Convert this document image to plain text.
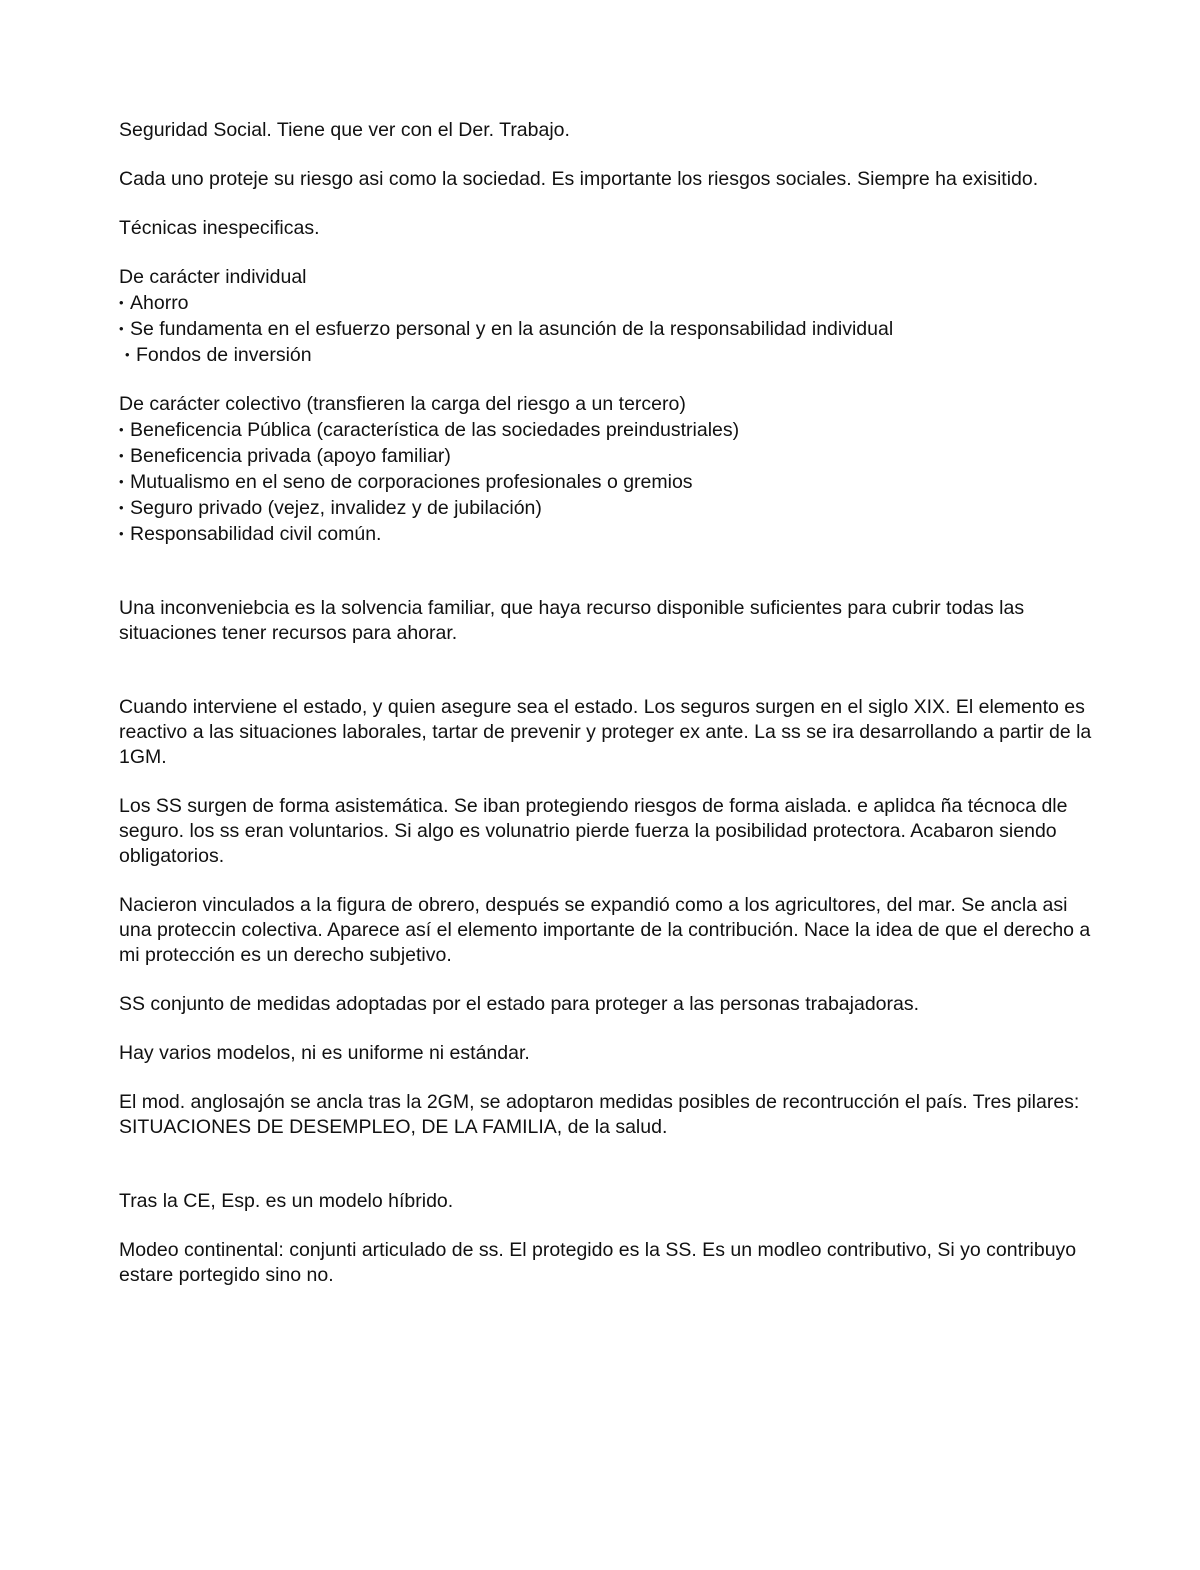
Seguridad Social. Tiene que ver con el Der. Trabajo.

Cada uno proteje su riesgo asi como la sociedad. Es importante los riesgos sociales. Siempre ha exisitido.

Técnicas inespecificas.

De carácter individual
• Ahorro
• Se fundamenta en el esfuerzo personal y en la asunción de la responsabilidad individual
• Fondos de inversión
De carácter colectivo (transfieren la carga del riesgo a un tercero)
• Beneficencia Pública (característica de las sociedades preindustriales)
• Beneficencia privada (apoyo familiar)
• Mutualismo en el seno de corporaciones profesionales o gremios
• Seguro privado (vejez, invalidez y de jubilación)
• Responsabilidad civil común.

Una inconveniebcia es la solvencia familiar, que haya recurso disponible suficientes para cubrir todas las situaciones tener recursos para ahorar.

Cuando interviene el estado, y quien asegure sea el estado. Los seguros surgen en el siglo XIX. El elemento es reactivo a las situaciones laborales, tartar de prevenir y proteger ex ante. La ss se ira desarrollando a partir de la 1GM.

Los SS surgen de forma asistemática. Se iban protegiendo riesgos de forma aislada. e aplidca ña técnoca dle seguro. los ss eran voluntarios. Si algo es volunatrio pierde fuerza la posibilidad protectora. Acabaron siendo obligatorios.

Nacieron vinculados a la figura de obrero, después se expandió como a los agricultores, del mar. Se ancla asi una proteccin colectiva. Aparece así el elemento importante de la contribución. Nace la idea de que el derecho a mi protección es un derecho subjetivo.

SS conjunto de medidas adoptadas por el estado para proteger a las personas trabajadoras.

Hay varios modelos, ni es uniforme ni estándar.

El mod. anglosajón se ancla tras la 2GM, se adoptaron medidas posibles de recontrucción el país. Tres pilares: SITUACIONES DE DESEMPLEO, DE LA FAMILIA, de la salud.

Tras la CE, Esp. es un modelo híbrido.

Modeo continental: conjunti articulado de ss. El protegido es la SS. Es un modleo contributivo, Si yo contribuyo estare portegido sino no.
